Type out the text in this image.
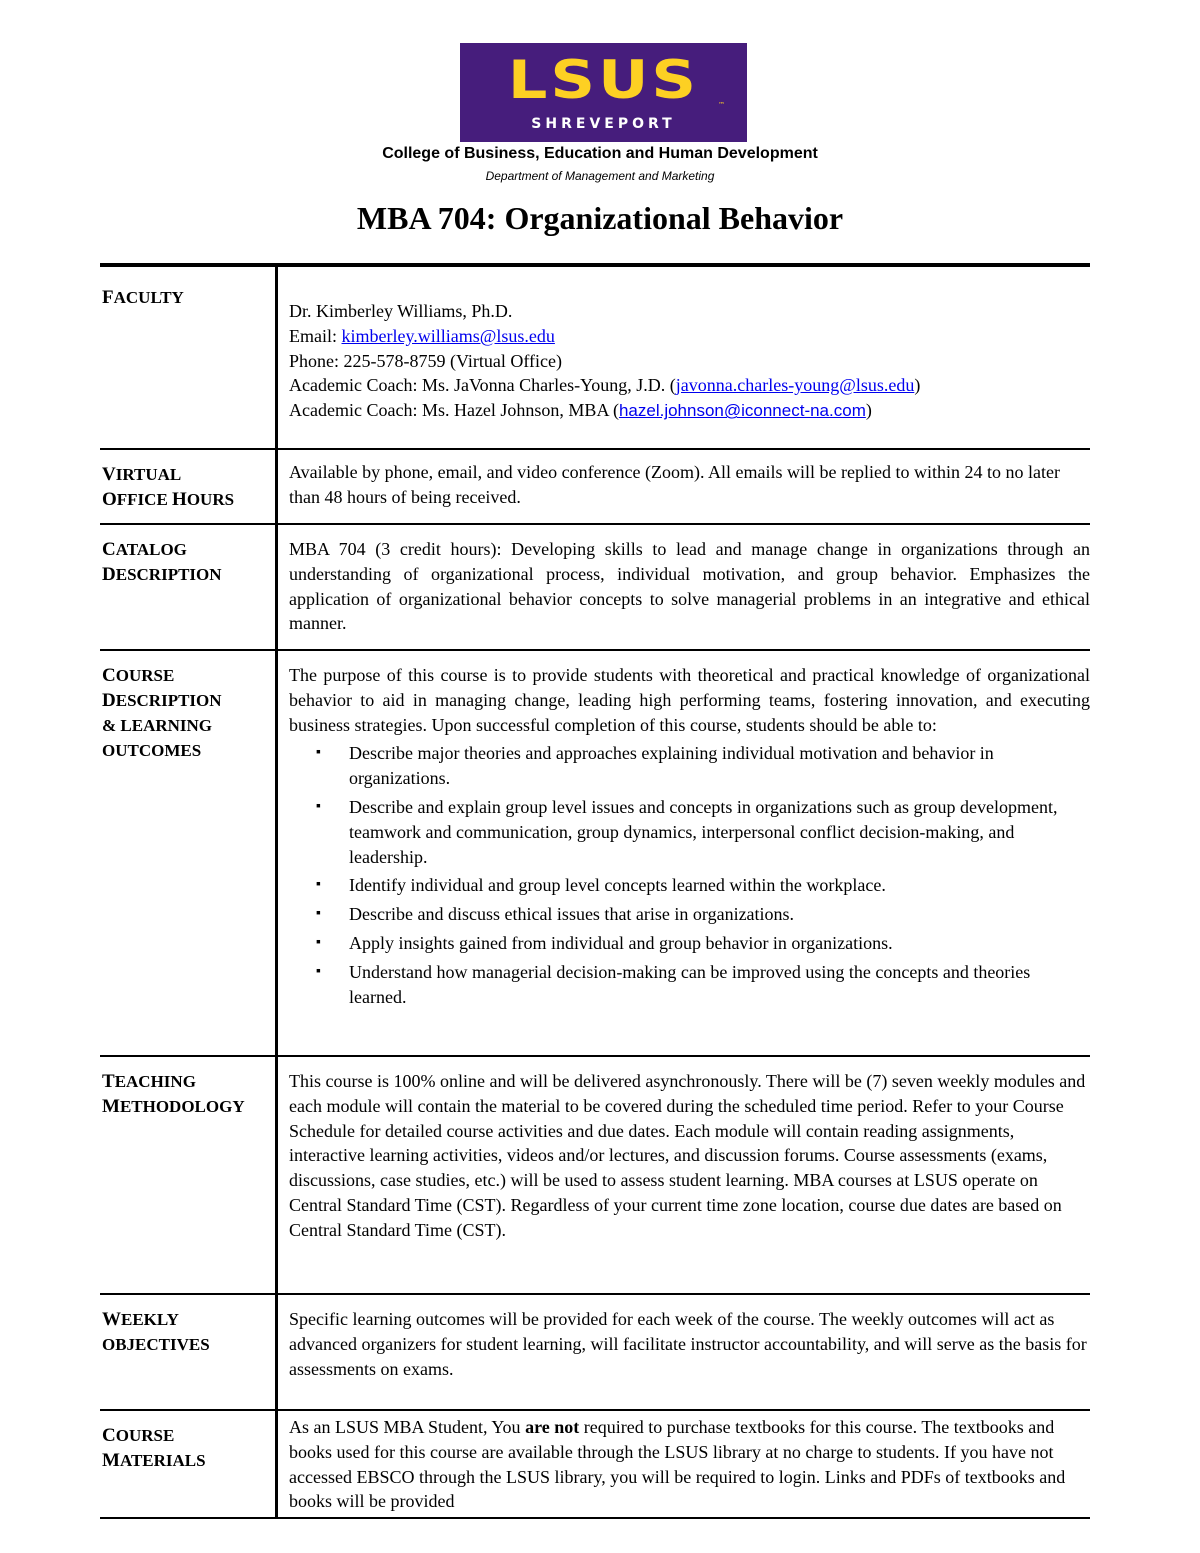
LSUS	™
SHREVEPORT
College of Business, Education and Human Development
Department of Management and Marketing
MBA 704: Organizational Behavior
FACULTY

Dr. Kimberley Williams, Ph.D.

Email: kimberley.williams@lsus.edu

Phone: 225-578-8759 (Virtual Office)

Academic Coach: Ms. JaVonna Charles-Young, J.D. (javonna.charles-young@lsus.edu)

Academic Coach: Ms. Hazel Johnson, MBA (hazel.johnson@iconnect-na.com)

VIRTUAL
OFFICE HOURS

Available by phone, email, and video conference (Zoom). All emails will be replied to within 24 to no later than 48 hours of being received.

CATALOG
DESCRIPTION

MBA 704 (3 credit hours): Developing skills to lead and manage change in organizations through an understanding of organizational process, individual motivation, and group behavior. Emphasizes the application of organizational behavior concepts to solve managerial problems in an integrative and ethical manner.

COURSE
DESCRIPTION
& LEARNING
OUTCOMES

The purpose of this course is to provide students with theoretical and practical knowledge of organizational behavior to aid in managing change, leading high performing teams, fostering innovation, and executing business strategies. Upon successful completion of this course, students should be able to:

▪ Describe major theories and approaches explaining individual motivation and behavior in organizations.
▪ Describe and explain group level issues and concepts in organizations such as group development, teamwork and communication, group dynamics, interpersonal conflict decision-making, and leadership.
▪ Identify individual and group level concepts learned within the workplace.
▪ Describe and discuss ethical issues that arise in organizations.
▪ Apply insights gained from individual and group behavior in organizations.
▪ Understand how managerial decision-making can be improved using the concepts and theories learned.
TEACHING
METHODOLOGY

This course is 100% online and will be delivered asynchronously. There will be (7) seven weekly modules and each module will contain the material to be covered during the scheduled time period. Refer to your Course Schedule for detailed course activities and due dates. Each module will contain reading assignments, interactive learning activities, videos and/or lectures, and discussion forums. Course assessments (exams, discussions, case studies, etc.) will be used to assess student learning. MBA courses at LSUS operate on Central Standard Time (CST). Regardless of your current time zone location, course due dates are based on Central Standard Time (CST).

WEEKLY
OBJECTIVES

Specific learning outcomes will be provided for each week of the course. The weekly outcomes will act as advanced organizers for student learning, will facilitate instructor accountability, and will serve as the basis for assessments on exams.

COURSE
MATERIALS

As an LSUS MBA Student, You are not required to purchase textbooks for this course. The textbooks and books used for this course are available through the LSUS library at no charge to students. If you have not accessed EBSCO through the LSUS library, you will be required to login. Links and PDFs of textbooks and books will be provided
